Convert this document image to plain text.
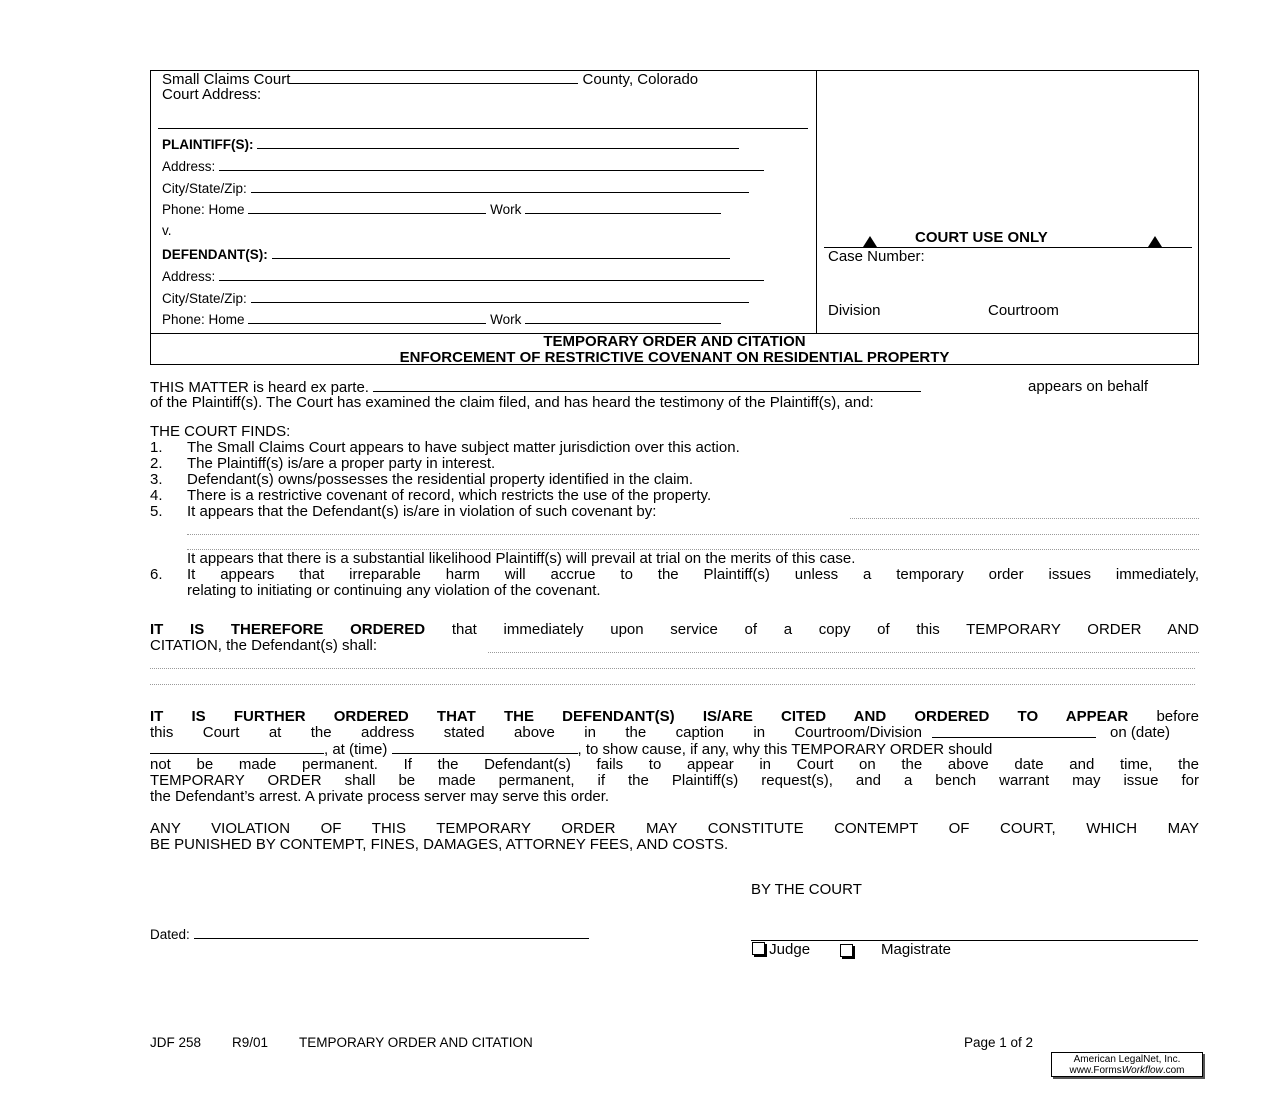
Small Claims Court	County, Colorado
Court Address:
PLAINTIFF(S):
Address:
City/State/Zip:
Phone: Home	Work
v.
DEFENDANT(S):
Address:
City/State/Zip:
Phone: Home	Work
COURT USE ONLY
Case Number:
Division	Courtroom
TEMPORARY ORDER AND CITATION
ENFORCEMENT OF RESTRICTIVE COVENANT ON RESIDENTIAL PROPERTY
THIS MATTER is heard ex parte.	appears on behalf
of the Plaintiff(s). The Court has examined the claim filed, and has heard the testimony of the Plaintiff(s), and:
THE COURT FINDS:
1. The Small Claims Court appears to have subject matter jurisdiction over this action.
2. The Plaintiff(s) is/are a proper party in interest.
3. Defendant(s) owns/possesses the residential property identified in the claim.
4. There is a restrictive covenant of record, which restricts the use of the property.
5. It appears that the Defendant(s) is/are in violation of such covenant by:
It appears that there is a substantial likelihood Plaintiff(s) will prevail at trial on the merits of this case.
6. It appears that irreparable harm will accrue to the Plaintiff(s) unless a temporary order issues immediately,
relating to initiating or continuing any violation of the covenant.
IT IS THEREFORE ORDERED that immediately upon service of a copy of this TEMPORARY ORDER AND
CITATION, the Defendant(s) shall:
IT IS FURTHER ORDERED THAT THE DEFENDANT(S) IS/ARE CITED AND ORDERED TO APPEAR before
this Court at the address stated above in the caption in Courtroom/Division	on (date)
, at (time)	, to show cause, if any, why this TEMPORARY ORDER should
not be made permanent. If the Defendant(s) fails to appear in Court on the above date and time, the
TEMPORARY ORDER shall be made permanent, if the Plaintiff(s) request(s), and a bench warrant may issue for
the Defendant’s arrest. A private process server may serve this order.
ANY VIOLATION OF THIS TEMPORARY ORDER MAY CONSTITUTE CONTEMPT OF COURT, WHICH MAY
BE PUNISHED BY CONTEMPT, FINES, DAMAGES, ATTORNEY FEES, AND COSTS.
BY THE COURT
Dated:
Judge	Magistrate
JDF 258 R9/01 TEMPORARY ORDER AND CITATION	Page 1 of 2
American LegalNet, Inc.
www.FormsWorkflow.com
